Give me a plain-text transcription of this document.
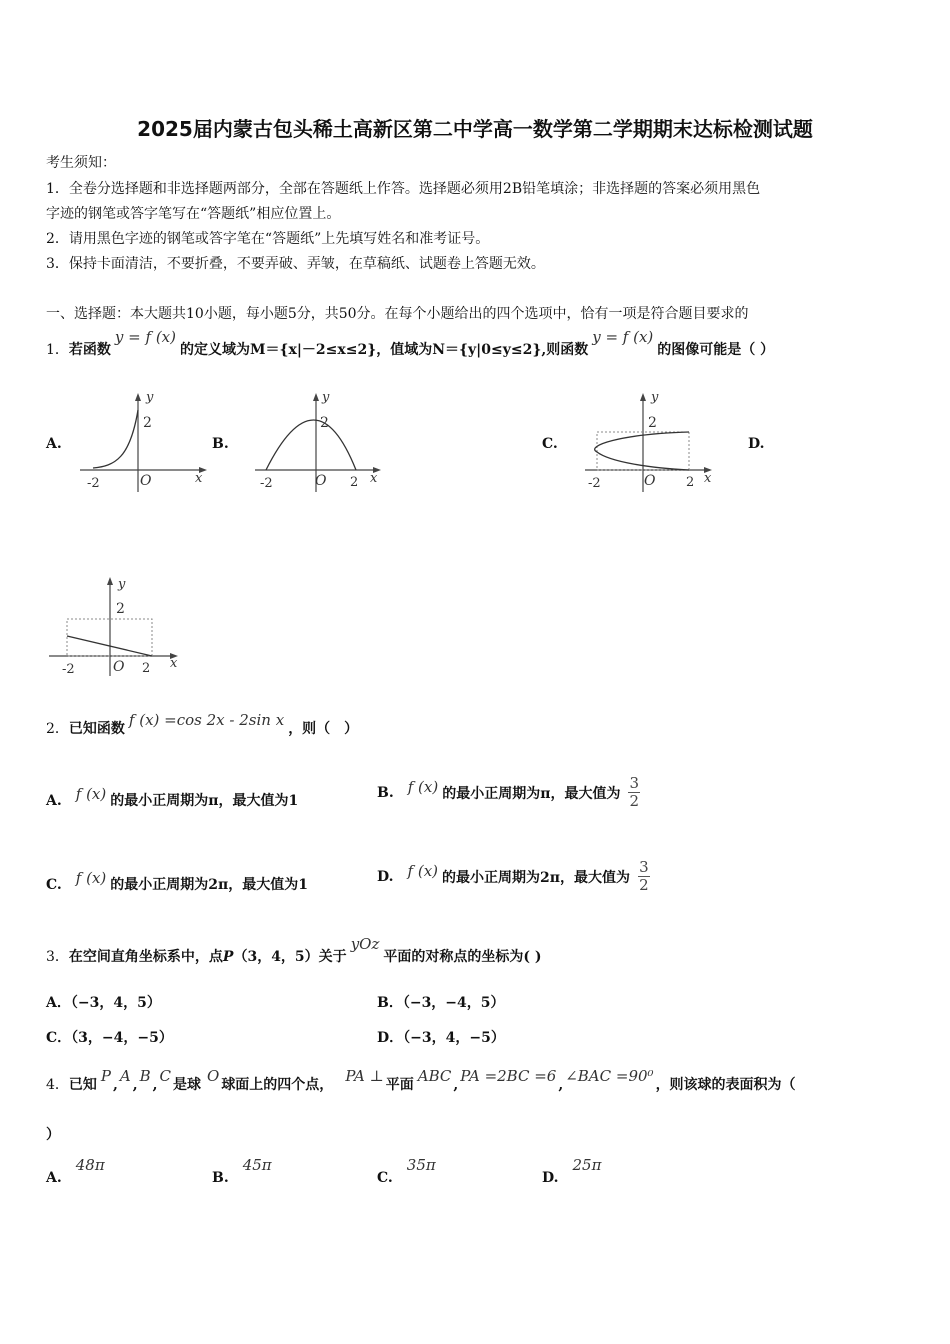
2025届内蒙古包头稀土高新区第二中学高一数学第二学期期末达标检测试题
考生须知：
1．全卷分选择题和非选择题两部分，全部在答题纸上作答。选择题必须用2B铅笔填涂；非选择题的答案必须用黑色
字迹的钢笔或答字笔写在“答题纸”相应位置上。
2．请用黑色字迹的钢笔或答字笔在“答题纸”上先填写姓名和准考证号。
3．保持卡面清洁，不要折叠，不要弄破、弄皱，在草稿纸、试题卷上答题无效。
一、选择题：本大题共10小题，每小题5分，共50分。在每个小题给出的四个选项中，恰有一项是符合题目要求的
1．若函数y = f (x)的定义域为M＝{x|－2≤x≤2}，值域为N＝{y|0≤y≤2},则函数y = f (x)的图像可能是（ ）
A.	B.	C.	D.
y
2
-2	O	x
y
2
-2	O 2 x
y
2
-2	O 2 x
y
2
-2	O 2 x
2．已知函数 f (x) =cos 2x - 2sin x ，则（　）
A. f (x) 的最小正周期为π，最大值为1
B. f (x) 的最小正周期为π，最大值为 $\frac{3}{2}$
C. f (x) 的最小正周期为2π，最大值为1
D. f (x) 的最小正周期为2π，最大值为 $\frac{3}{2}$
3．在空间直角坐标系中，点P（3，4，5）关于yOz平面的对称点的坐标为( )
A．（−3，4，5）	B．（−3，−4，5）
C．（3，−4，−5）	D．（−3，4，−5）
4．已知 P , A , B , C 是球 O 球面上的四个点， PA ⊥ 平面 ABC , PA =2BC =6 , ∠BAC =90⁰ ，则该球的表面积为（
）
A.48π
B.45π
C.35π
D.25π
